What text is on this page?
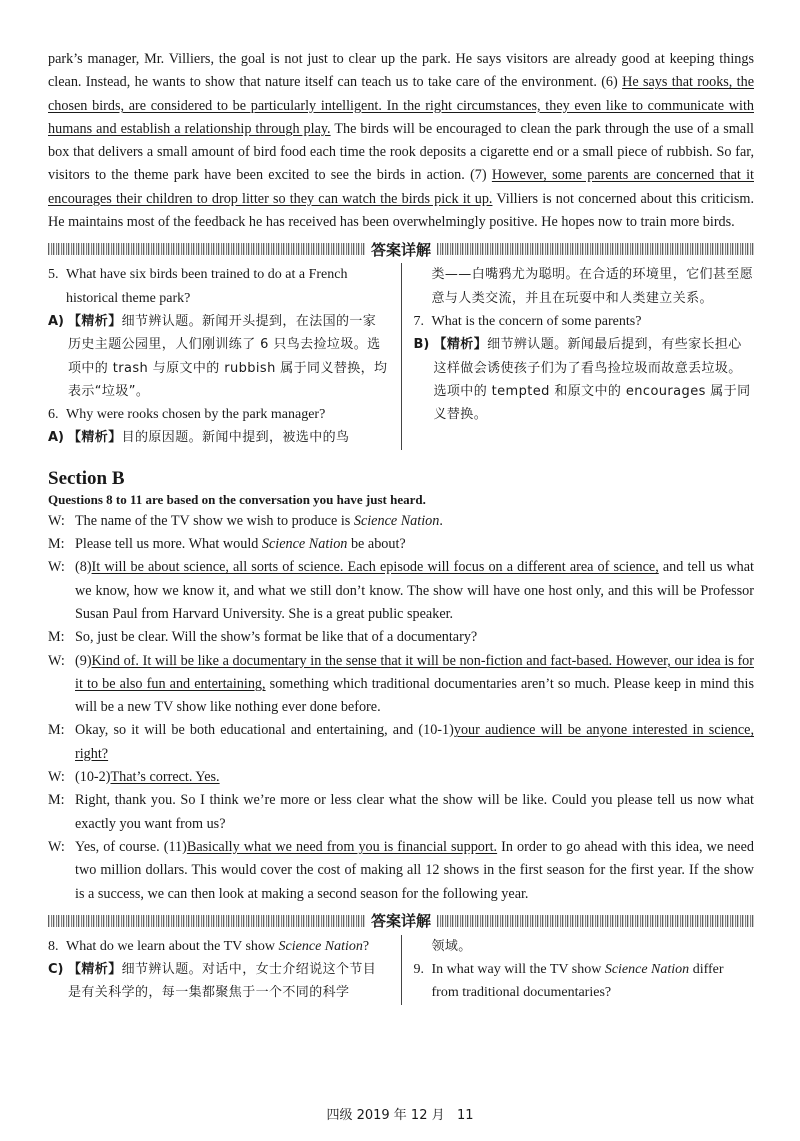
park’s manager, Mr. Villiers, the goal is not just to clear up the park. He says visitors are already good at keeping things clean. Instead, he wants to show that nature itself can teach us to take care of the environment. (6) He says that rooks, the chosen birds, are considered to be particularly intelligent. In the right circumstances, they even like to communicate with humans and establish a relationship through play. The birds will be encouraged to clean the park through the use of a small box that delivers a small amount of bird food each time the rook deposits a cigarette end or a small piece of rubbish. So far, visitors to the theme park have been excited to see the birds in action. (7) However, some parents are concerned that it encourages their children to drop litter so they can watch the birds pick it up. Villiers is not concerned about this criticism. He maintains most of the feedback he has received has been overwhelmingly positive. He hopes now to train more birds.

答案详解
5. What have six birds been trained to do at a French historical theme park?
A) 【精析】细节辨认题。新闻开头提到，在法国的一家历史主题公园里，人们刚训练了 6 只鸟去捡垃圾。选项中的 trash 与原文中的 rubbish 属于同义替换，均表示“垃圾”。
6. Why were rooks chosen by the park manager?
A) 【精析】目的原因题。新闻中提到，被选中的鸟
类——白嘴鸦尤为聪明。在合适的环境里，它们甚至愿意与人类交流，并且在玩耍中和人类建立关系。
7. What is the concern of some parents?
B) 【精析】细节辨认题。新闻最后提到，有些家长担心这样做会诱使孩子们为了看鸟捡垃圾而故意丢垃圾。选项中的 tempted 和原文中的 encourages 属于同义替换。
Section B
Questions 8 to 11 are based on the conversation you have just heard.
W: The name of the TV show we wish to produce is Science Nation.
M: Please tell us more. What would Science Nation be about?
W: (8)It will be about science, all sorts of science. Each episode will focus on a different area of science, and tell us what we know, how we know it, and what we still don’t know. The show will have one host only, and this will be Professor Susan Paul from Harvard University. She is a great public speaker.
M: So, just be clear. Will the show’s format be like that of a documentary?
W: (9)Kind of. It will be like a documentary in the sense that it will be non-fiction and fact-based. However, our idea is for it to be also fun and entertaining, something which traditional documentaries aren’t so much. Please keep in mind this will be a new TV show like nothing ever done before.
M: Okay, so it will be both educational and entertaining, and (10-1)your audience will be anyone interested in science, right?
W: (10-2)That’s correct. Yes.
M: Right, thank you. So I think we’re more or less clear what the show will be like. Could you please tell us now what exactly you want from us?
W: Yes, of course. (11)Basically what we need from you is financial support. In order to go ahead with this idea, we need two million dollars. This would cover the cost of making all 12 shows in the first season for the first year. If the show is a success, we can then look at making a second season for the following year.
答案详解
8. What do we learn about the TV show Science Nation?
C) 【精析】细节辨认题。对话中，女士介绍说这个节目是有关科学的，每一集都聚焦于一个不同的科学
领域。
9. In what way will the TV show Science Nation differ from traditional documentaries?
四级 2019 年 12 月 11
